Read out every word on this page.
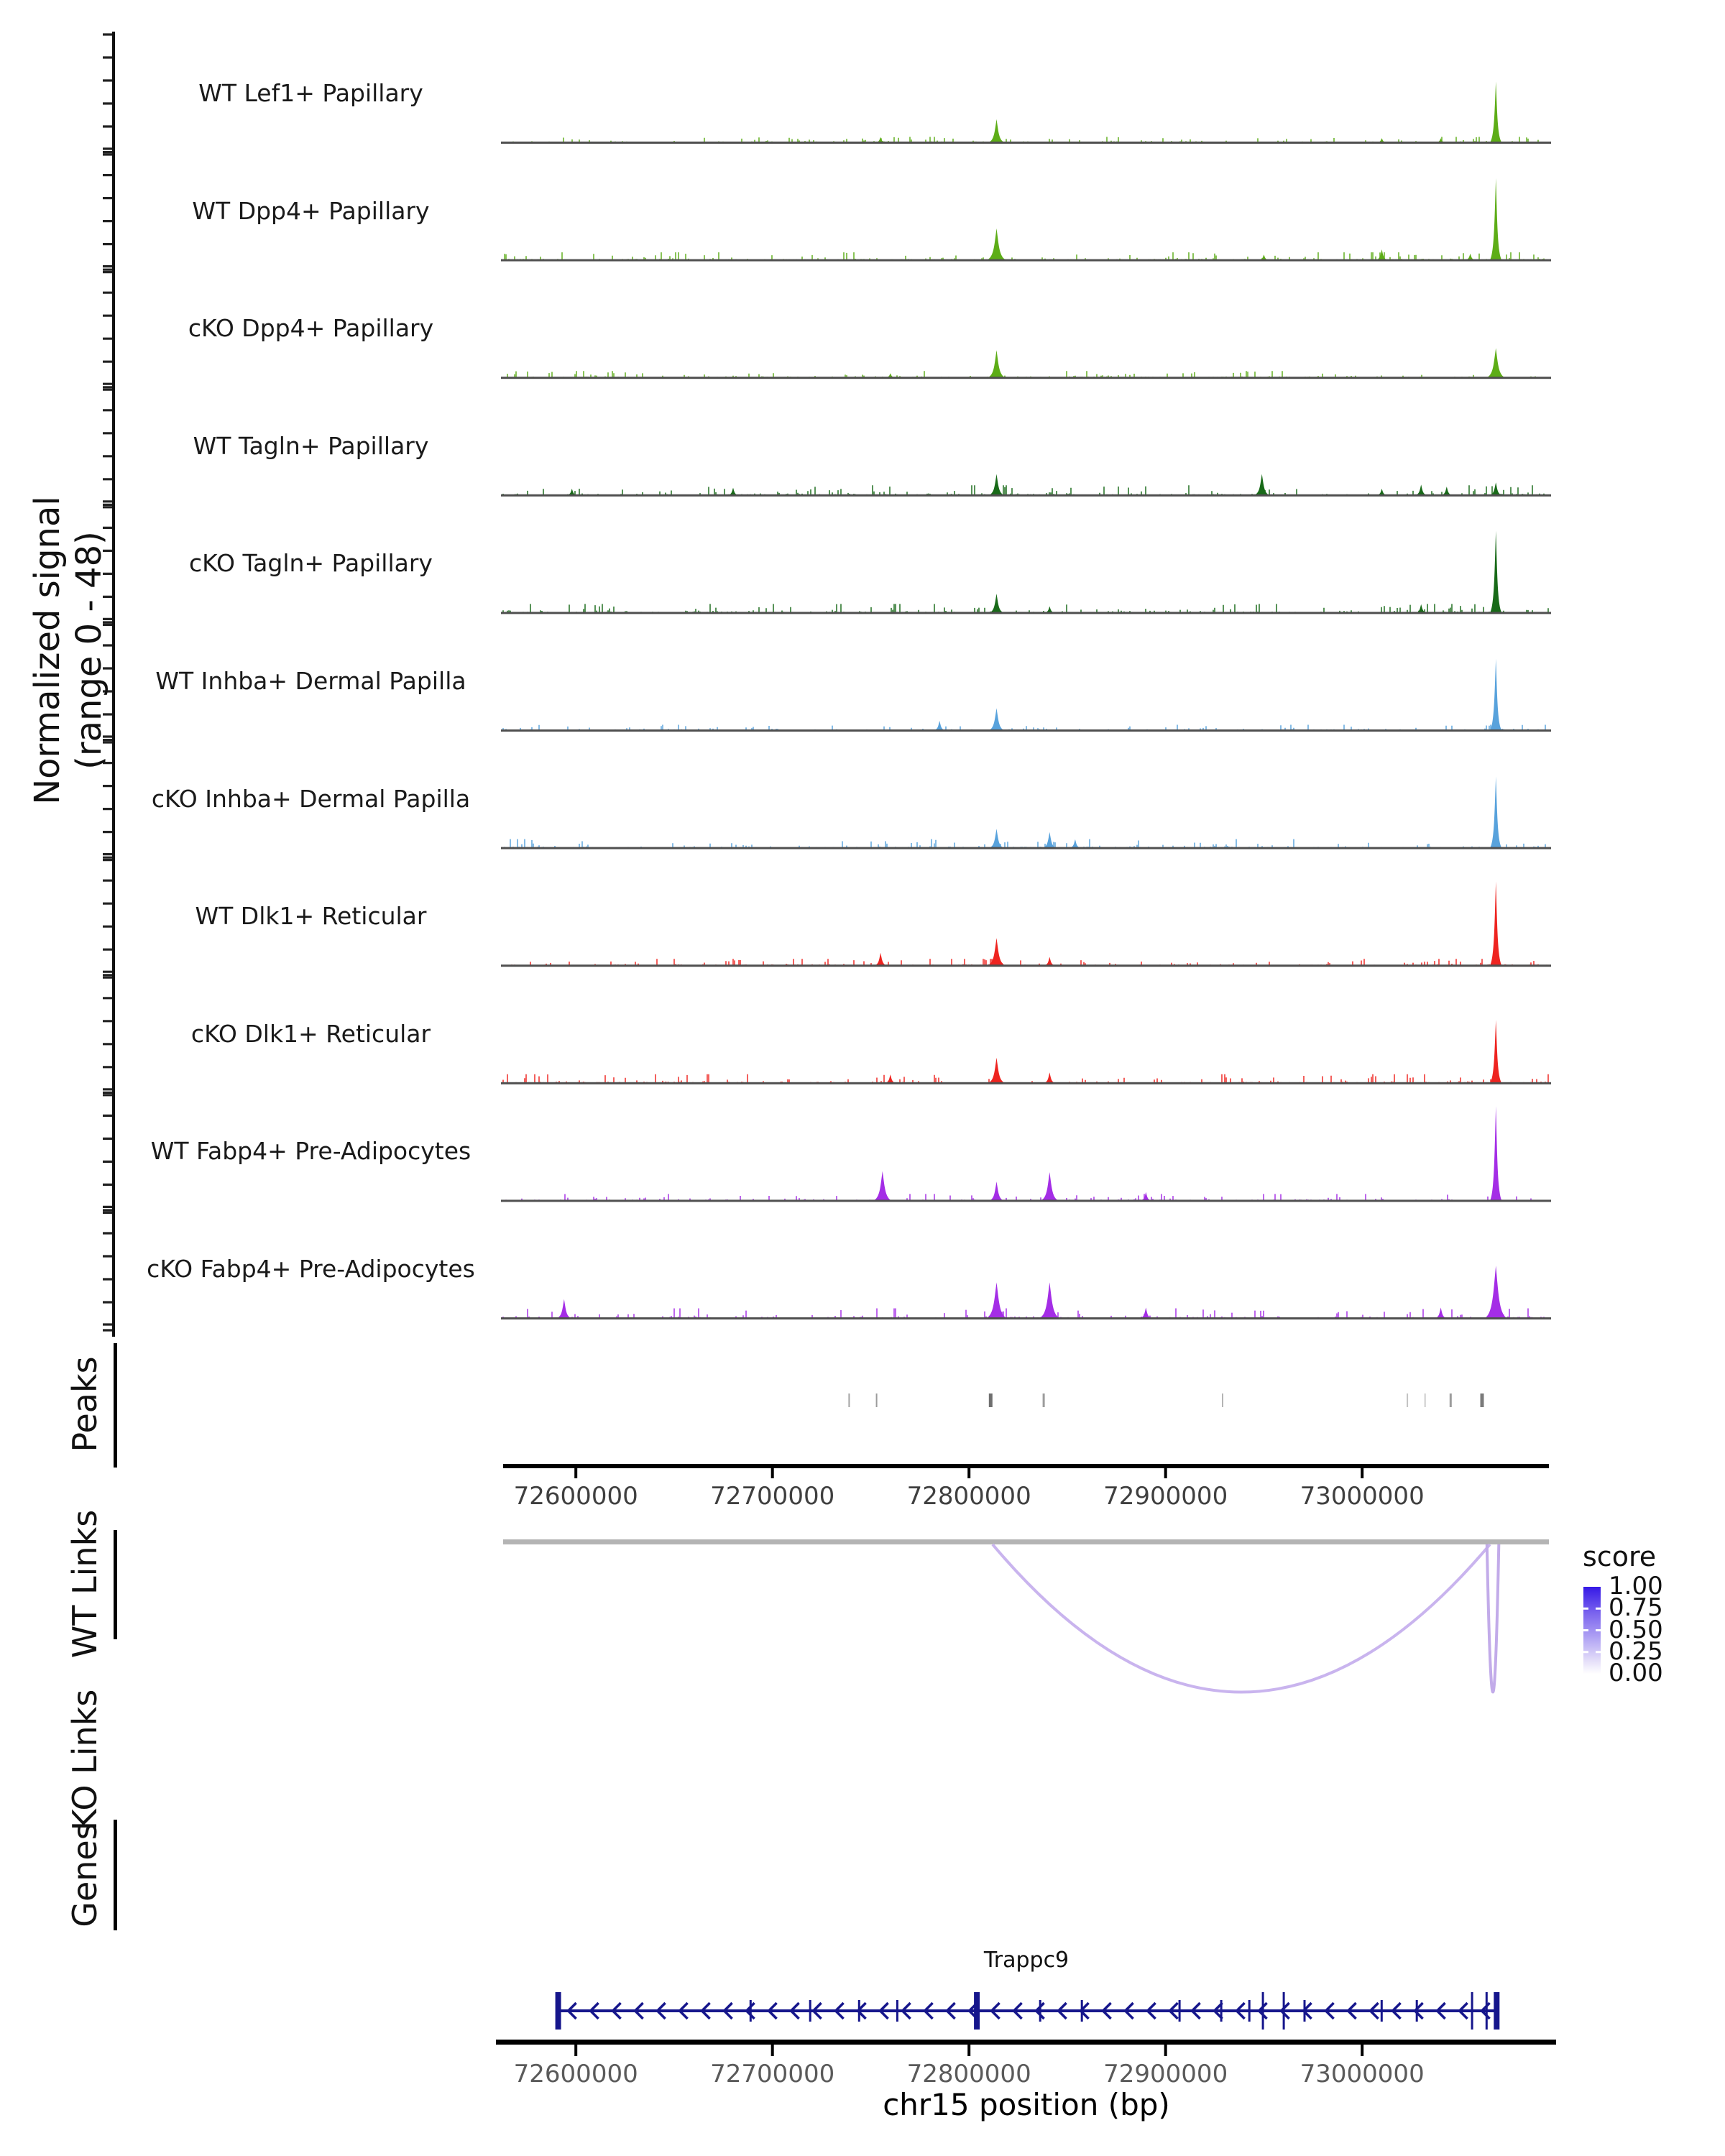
Normalized signal (range 0 - 48)
Peaks
WT Links
KO Links
Genes
chr15 position (bp)
Trappc9
score
WT Lef1+ Papillary
WT Dpp4+ Papillary
cKO Dpp4+ Papillary
WT Tagln+ Papillary
cKO Tagln+ Papillary
WT Inhba+ Dermal Papilla
cKO Inhba+ Dermal Papilla
WT Dlk1+ Reticular
cKO Dlk1+ Reticular
WT Fabp4+ Pre-Adipocytes
cKO Fabp4+ Pre-Adipocytes
72600000	72700000	72800000	72900000	73000000
1.00
0.75
0.50
0.25
0.00
72600000	72700000	72800000	72900000	73000000
